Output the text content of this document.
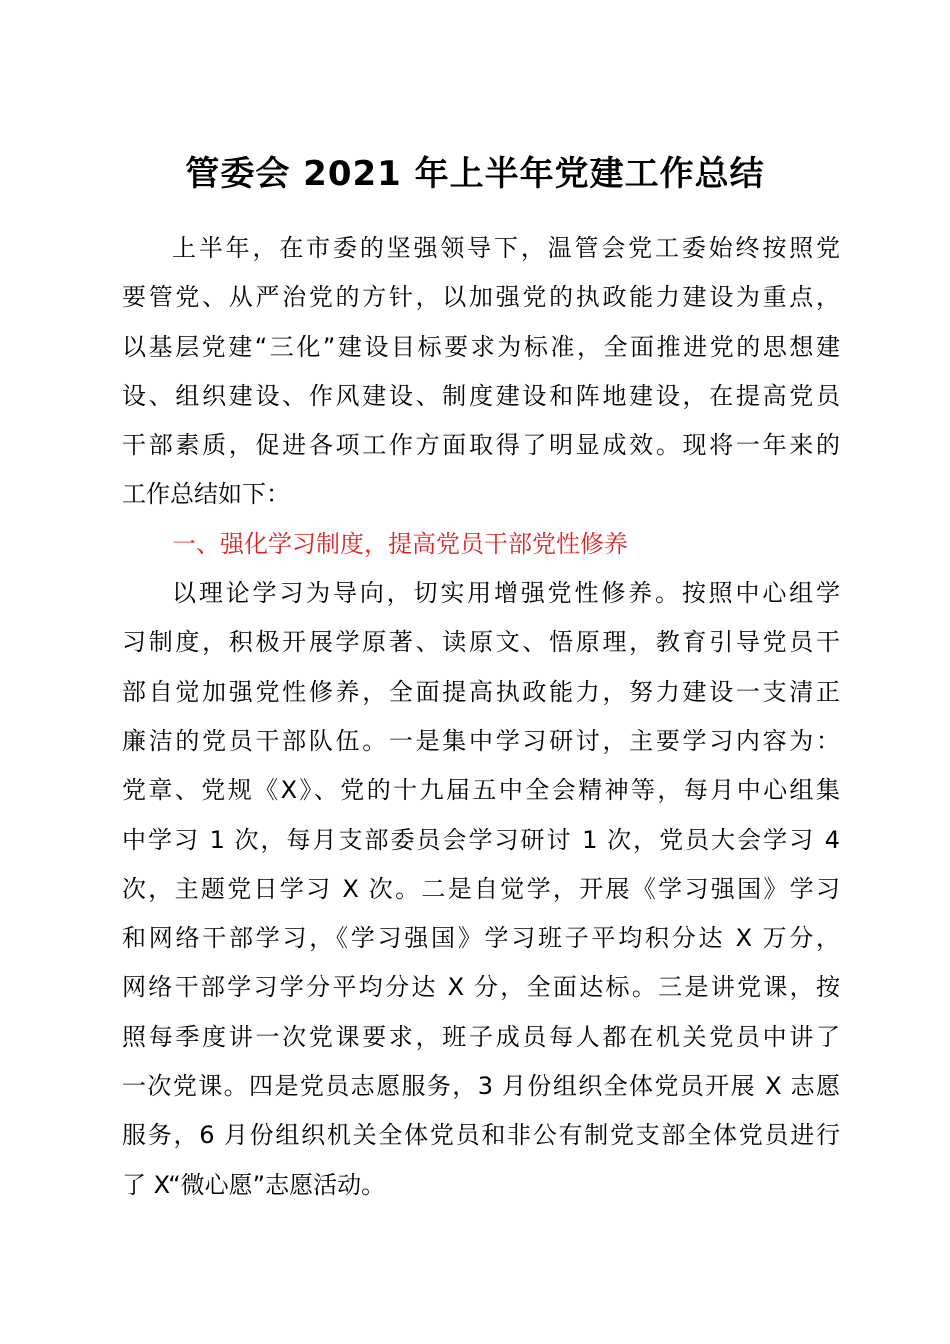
管委会 2021 年上半年党建工作总结
上半年，在市委的坚强领导下，温管会党工委始终按照党
要管党、从严治党的方针，以加强党的执政能力建设为重点，
以基层党建“三化”建设目标要求为标准，全面推进党的思想建
设、组织建设、作风建设、制度建设和阵地建设，在提高党员
干部素质，促进各项工作方面取得了明显成效。现将一年来的
工作总结如下：
一、强化学习制度，提高党员干部党性修养
以理论学习为导向，切实用增强党性修养。按照中心组学
习制度，积极开展学原著、读原文、悟原理，教育引导党员干
部自觉加强党性修养，全面提高执政能力，努力建设一支清正
廉洁的党员干部队伍。一是集中学习研讨，主要学习内容为：
党章、党规《X》、党的十九届五中全会精神等，每月中心组集
中学习 1 次，每月支部委员会学习研讨 1 次，党员大会学习 4
次，主题党日学习 X 次。二是自觉学，开展《学习强国》学习
和网络干部学习，《学习强国》学习班子平均积分达 X 万分，
网络干部学习学分平均分达 X 分，全面达标。三是讲党课，按
照每季度讲一次党课要求，班子成员每人都在机关党员中讲了
一次党课。四是党员志愿服务，3 月份组织全体党员开展 X 志愿
服务，6 月份组织机关全体党员和非公有制党支部全体党员进行
了 X“微心愿”志愿活动。
